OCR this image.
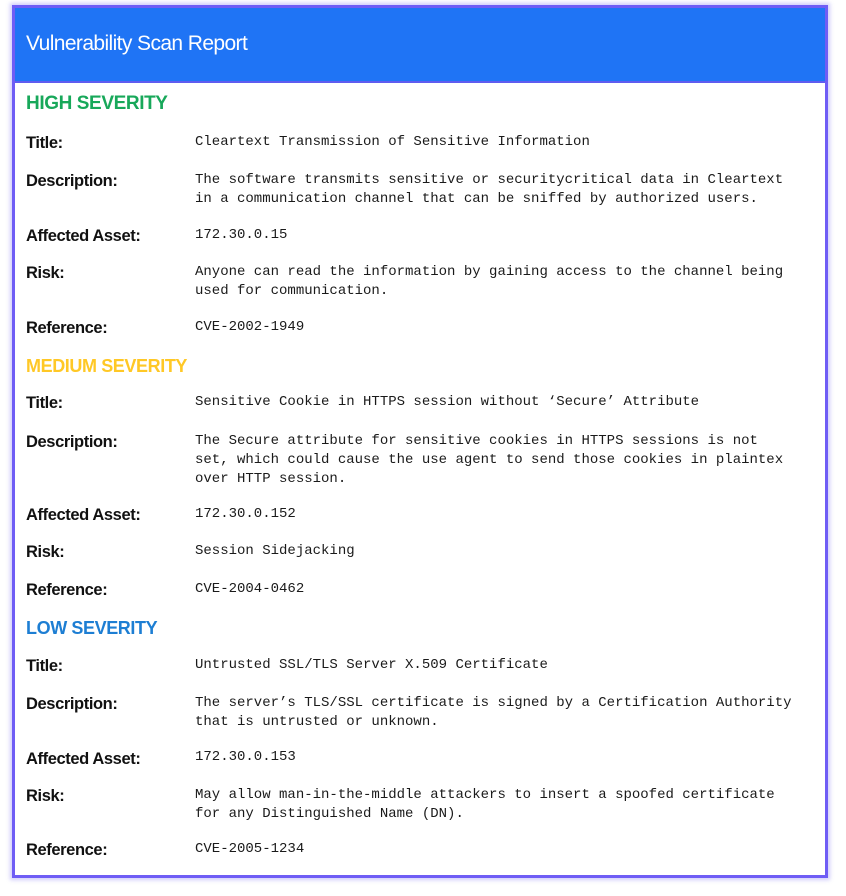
Vulnerability Scan Report
HIGH SEVERITY
Title:	Cleartext Transmission of Sensitive Information
Description:	The software transmits sensitive or securitycritical data in Cleartext
in a communication channel that can be sniffed by authorized users.
Affected Asset:	172.30.0.15
Risk:	Anyone can read the information by gaining access to the channel being
used for communication.
Reference:	CVE-2002-1949
MEDIUM SEVERITY
Title:	Sensitive Cookie in HTTPS session without ‘Secure’ Attribute
Description:	The Secure attribute for sensitive cookies in HTTPS sessions is not
set, which could cause the use agent to send those cookies in plaintex
over HTTP session.
Affected Asset:	172.30.0.152
Risk:	Session Sidejacking
Reference:	CVE-2004-0462
LOW SEVERITY
Title:	Untrusted SSL/TLS Server X.509 Certificate
Description:	The server’s TLS/SSL certificate is signed by a Certification Authority
that is untrusted or unknown.
Affected Asset:	172.30.0.153
Risk:	May allow man-in-the-middle attackers to insert a spoofed certificate
for any Distinguished Name (DN).
Reference:	CVE-2005-1234
